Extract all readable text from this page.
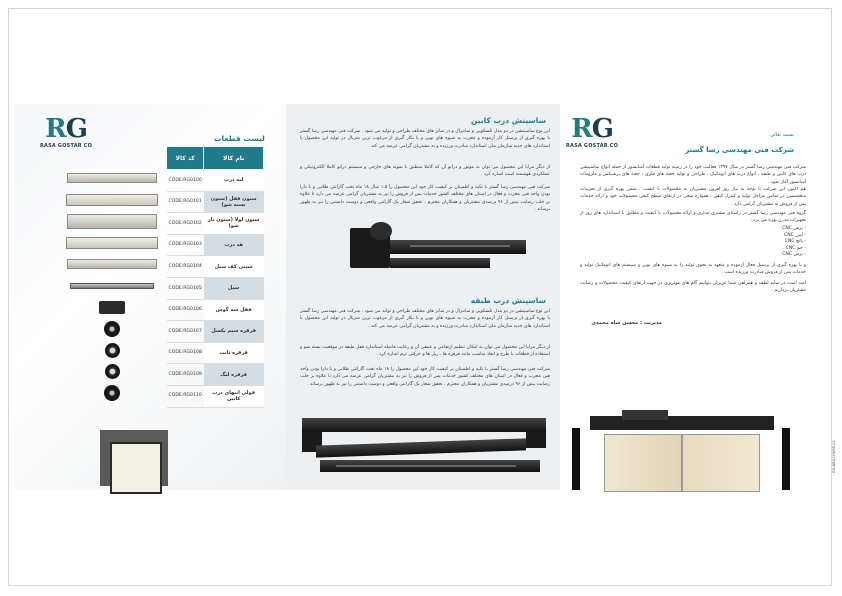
RG
RASA GOSTAR CO
لیست قطعات
کد کالا	نام کالا
CODE:RG0100	لته درب
CODE:RG0101	ستون قفل (ستون بسته شو)
CODE:RG0102	ستون لولا (ستون باز شو)
CODE:RG0103	هد درب
CODE:RG0104	سینی کف سیل
CODE:RG0105	سیل
CODE:RG0106	قفل سه گوش
CODE:RG0107	قرقره سیم بکسل
CODE:RG0108	قرقره ثابت
CODE:RG0109	قرقره لنگ
CODE:RG0110	قولی انتهای درب کابین
ساسپنش درب کابین
این نوع ساسپنشن در دو مدل تلسکوپی و سانترال و در سایز های مختلف طراحی و تولید می شود . شرکت فنی مهندسی رسا گستر با بهره گیری از پرسنل کار آزموده و مجرب به شیوه های نوین و با بکار گیری از مرغوب ترین متریال در تولید این محصول با استاندارد های جدید سازمان ملی استاندارد مبادرت ورزیده و به مشتریان گرامی عرضه می کند .
از دیگر مزایا این محصول می توان به موتور و درایو آن که کاملا منطبق با نمونه های خارجی و سیستم درایو کاملا الکترونیکی و عملکردی هوشمند است اشاره کرد .
شرکت فنی مهندسی رسا گستر با تکیه و اطمینان بر کیفیت کار خود این محصول را ۱.۵ سال ۱۸ ماه تحت گارانتی طلایی و با دارا بودن واحد فنی مجرب و فعال در استان های مختلف کشور خدمات پس از فروش را نیز به مشتریان گرامی عرضه می دارد تا علاوه بر جلب رضایت بیش از ۹۶ درصدی مشتریان و همکاران محترم ، تحقق شعار یک گارانتی واقعی و دوست داشتنی را نیز به ظهور برساند .
ساسپنش درب طبقه
این نوع ساسپنشن در دو مدل تلسکوپی و سانترال و در سایز های مختلف طراحی و تولید می شود . شرکت فنی مهندسی رسا گستر با بهره گیری از پرسنل کار آزموده و مجرب به شیوه های نوین و با بکار گیری از مرغوب ترین متریال در تولید این محصول با استاندارد های جدید سازمان ملی استاندارد مبادرت ورزیده و به مشتریان گرامی عرضه می کند .
از دیگر مزایا این محصول می توان به امکان تنظیم ارتفاعی و عمقی آن و رعایت فاصله استاندارد قفل طبقه در موقعیت بسته شو و استفاده از قطعات با طرح و ابعاد مناسب مانند قرقره ها ، ریل ها و حرکتی نرم اشاره کرد .
شرکت فنی مهندسی رسا گستر با تکیه و اطمینان بر کیفیت کار خود این محصول را ۱۸ ماه تحت گارانتی طلایی و با دارا بودن واحد فنی مجرب و فعال در استان های مختلف کشور خدمات پس از فروش را نیز به مشتریان گرامی عرضه می دارد تا علاوه بر جلب رضایت بیش از ۹۶ درصدی مشتریان و همکاران محترم ، تحقق شعار یک گارانتی واقعی و دوست داشتنی را نیز به ظهور برساند .
RG
RASA GOSTAR CO
بسمه تعالی
شرکت فنی مهندسی رسا گستر
شرکت فنی مهندسی رسا گستر در سال ۱۳۹۷ فعالیت خود را در زمینه تولید قطعات آسانسور از جمله انواع ساسپنشن درب های کابین و طبقه ، انواع درب های اتوماتیک ، طراحی و تولید جعبه های فلزی ، جعبه های پرشیکس و ملزومات آسانسور آغاز نمود .
هم اکنون این شرکت با توجه به نیاز روز افزون مشتریان به محصولات با کیفیت ، ضمن بهره گیری از تجربیات متخصصین در تمامی مراحل تولید و کنترل کیفی ، همواره سعی در ارتقای سطح کیفی محصولات خود و ارائه خدمات پس از فروش به مشتریان گرامی دارد .
گروه فنی مهندسی رسا گستر در راستای مشتری مداری و ارائه محصولات با کیفیت و مطابق با استاندارد های روز از تجهیزات مدرن بهره می برد :
- پرس CNC
- لیزر CNC
- پانچ CNC
- خم CNC
- برش CNC
و با بهره گیری از پرسنل فعال آزموده و متعهد به نحوی تولید را به شیوه های نوین و سیستم های اتوماتیک تولید و خدمات پس از فروش مبادرت ورزیده است .
امید است در سایه لطف و همراهی شما عزیزان بتوانیم گام های موثرتری در جهت ارتقای کیفیت محصولات و رضایت مشتریان برداریم .
مدیریت : محسن شاه محمدی
RG-BROCHURE-01
